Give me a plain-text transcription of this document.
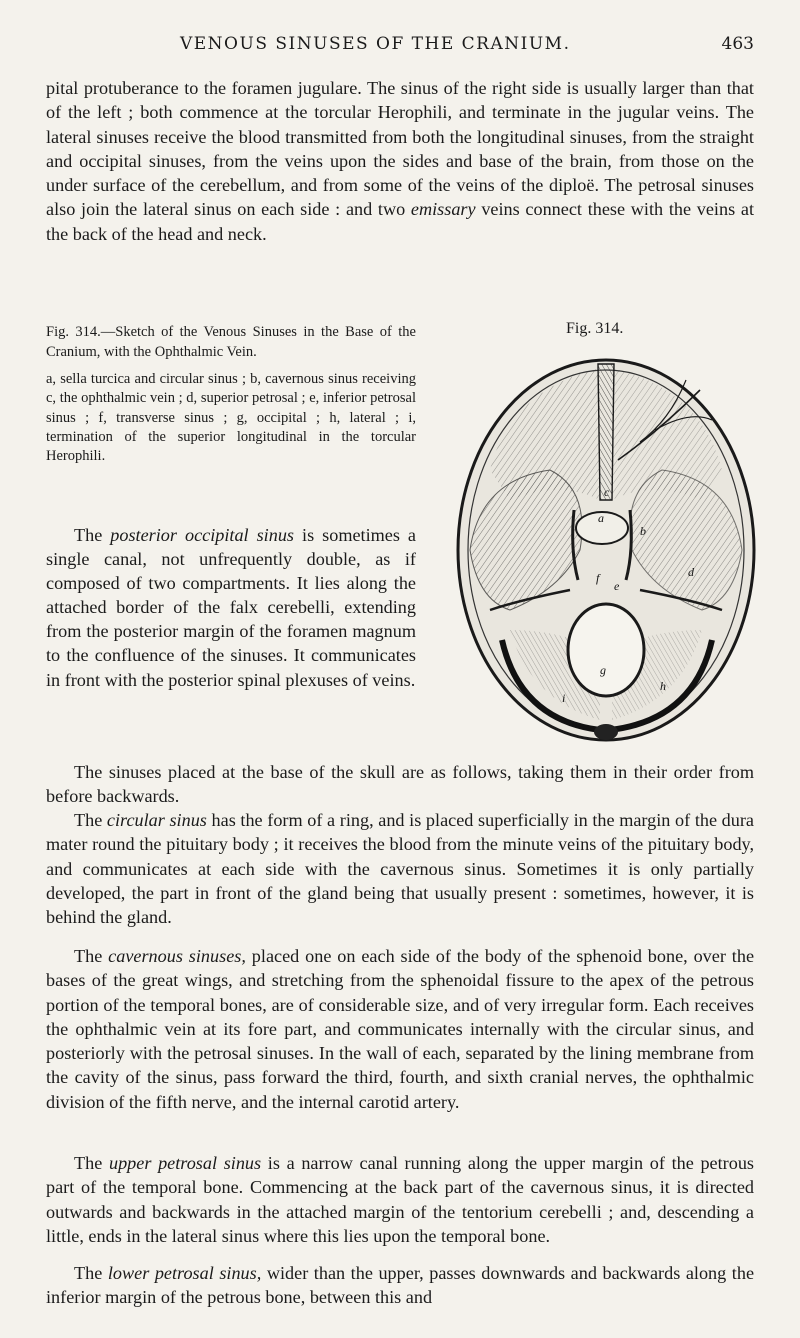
VENOUS SINUSES OF THE CRANIUM.	463

pital protuberance to the foramen jugulare. The sinus of the right side is usually larger than that of the left ; both commence at the torcular Herophili, and terminate in the jugular veins. The lateral sinuses receive the blood transmitted from both the longitudinal sinuses, from the straight and occipital sinuses, from the veins upon the sides and base of the brain, from those on the under surface of the cerebellum, and from some of the veins of the diploë. The petrosal sinuses also join the lateral sinus on each side : and two emissary veins connect these with the veins at the back of the head and neck.

Fig. 314.—Sketch of the Venous Sinuses in the Base of the Cranium, with the Ophthalmic Vein.

a, sella turcica and circular sinus ; b, cavernous sinus receiving c, the ophthalmic vein ; d, superior petrosal ; e, inferior petrosal sinus ; f, transverse sinus ; g, occipital ; h, lateral ; i, termination of the superior longitudinal in the torcular Herophili.

Fig. 314.
a
b
c
d
e
f
g
h
i

The posterior occipital sinus is sometimes a single canal, not unfrequently double, as if composed of two compartments. It lies along the attached border of the falx cerebelli, extending from the posterior margin of the foramen magnum to the confluence of the sinuses. It communicates in front with the posterior spinal plexuses of veins.

The sinuses placed at the base of the skull are as follows, taking them in their order from before backwards.

The circular sinus has the form of a ring, and is placed superficially in the margin of the dura mater round the pituitary body ; it receives the blood from the minute veins of the pituitary body, and communicates at each side with the cavernous sinus. Sometimes it is only partially developed, the part in front of the gland being that usually present : sometimes, however, it is behind the gland.

The cavernous sinuses, placed one on each side of the body of the sphenoid bone, over the bases of the great wings, and stretching from the sphenoidal fissure to the apex of the petrous portion of the temporal bones, are of considerable size, and of very irregular form. Each receives the ophthalmic vein at its fore part, and communicates internally with the circular sinus, and posteriorly with the petrosal sinuses. In the wall of each, separated by the lining membrane from the cavity of the sinus, pass forward the third, fourth, and sixth cranial nerves, the ophthalmic division of the fifth nerve, and the internal carotid artery.

The upper petrosal sinus is a narrow canal running along the upper margin of the petrous part of the temporal bone. Commencing at the back part of the cavernous sinus, it is directed outwards and backwards in the attached margin of the tentorium cerebelli ; and, descending a little, ends in the lateral sinus where this lies upon the temporal bone.

The lower petrosal sinus, wider than the upper, passes downwards and backwards along the inferior margin of the petrous bone, between this and
